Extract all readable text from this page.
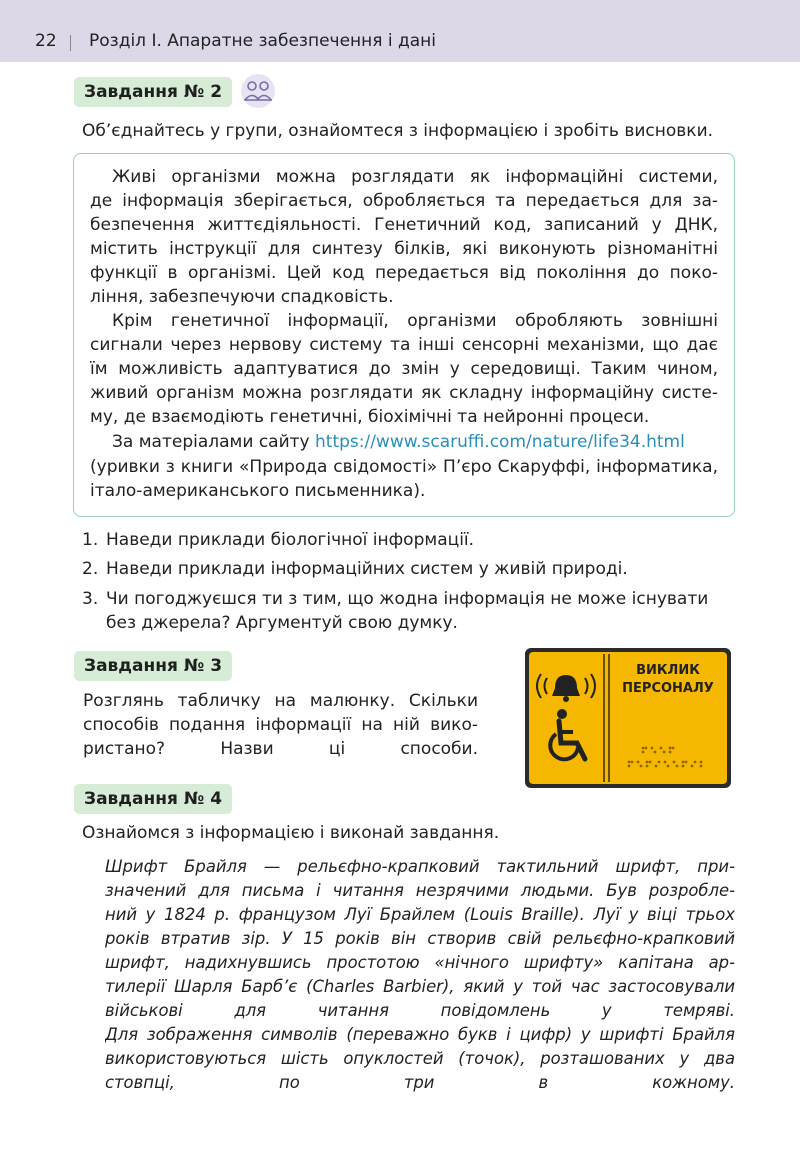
22 Розділ I. Апаратне забезпечення і дані
Завдання № 2
Об’єднайтесь у групи, ознайомтеся з інформацією і зробіть висновки.
Живі організми можна розглядати як інформаційні системи,
де інформація зберігається, обробляється та передається для за-
безпечення життєдіяльності. Генетичний код, записаний у ДНК,
містить інструкції для синтезу білків, які виконують різноманітні
функції в організмі. Цей код передається від покоління до поко-
ління, забезпечуючи спадковість.
Крім генетичної інформації, організми обробляють зовнішні
сигнали через нервову систему та інші сенсорні механізми, що дає
їм можливість адаптуватися до змін у середовищі. Таким чином,
живий організм можна розглядати як складну інформаційну систе-
му, де взаємодіють генетичні, біохімічні та нейронні процеси.
За матеріалами сайту https://www.scaruffi.com/nature/life34.html
(уривки з книги «Природа свідомості» П’єро Скаруффі, інформатика,
італо-американського письменника).
1. Наведи приклади біологічної інформації.
2. Наведи приклади інформаційних систем у живій природі.
3. Чи погоджуєшся ти з тим, що жодна інформація не може існувати
без джерела? Аргументуй свою думку.
Завдання № 3
Розглянь табличку на малюнку. Скільки
способів подання інформації на ній вико-
ристано? Назви ці способи.
ВИКЛИК
ПЕРСОНАЛУ
Завдання № 4
Ознайомся з інформацією і виконай завдання.
Шрифт Брайля — рельєфно-крапковий тактильний шрифт, при-
значений для письма і читання незрячими людьми. Був розробле-
ний у 1824 р. французом Луї Брайлем (Louis Braille). Луї у віці трьох
років втратив зір. У 15 років він створив свій рельєфно-крапковий
шрифт, надихнувшись простотою «нічного шрифту» капітана ар-
тилерії Шарля Барб’є (Charles Barbier), який у той час застосовували
військові для читання повідомлень у темряві.
Для зображення символів (переважно букв і цифр) у шрифті Брайля
використовуються шість опуклостей (точок), розташованих у два
стовпці, по три в кожному.
